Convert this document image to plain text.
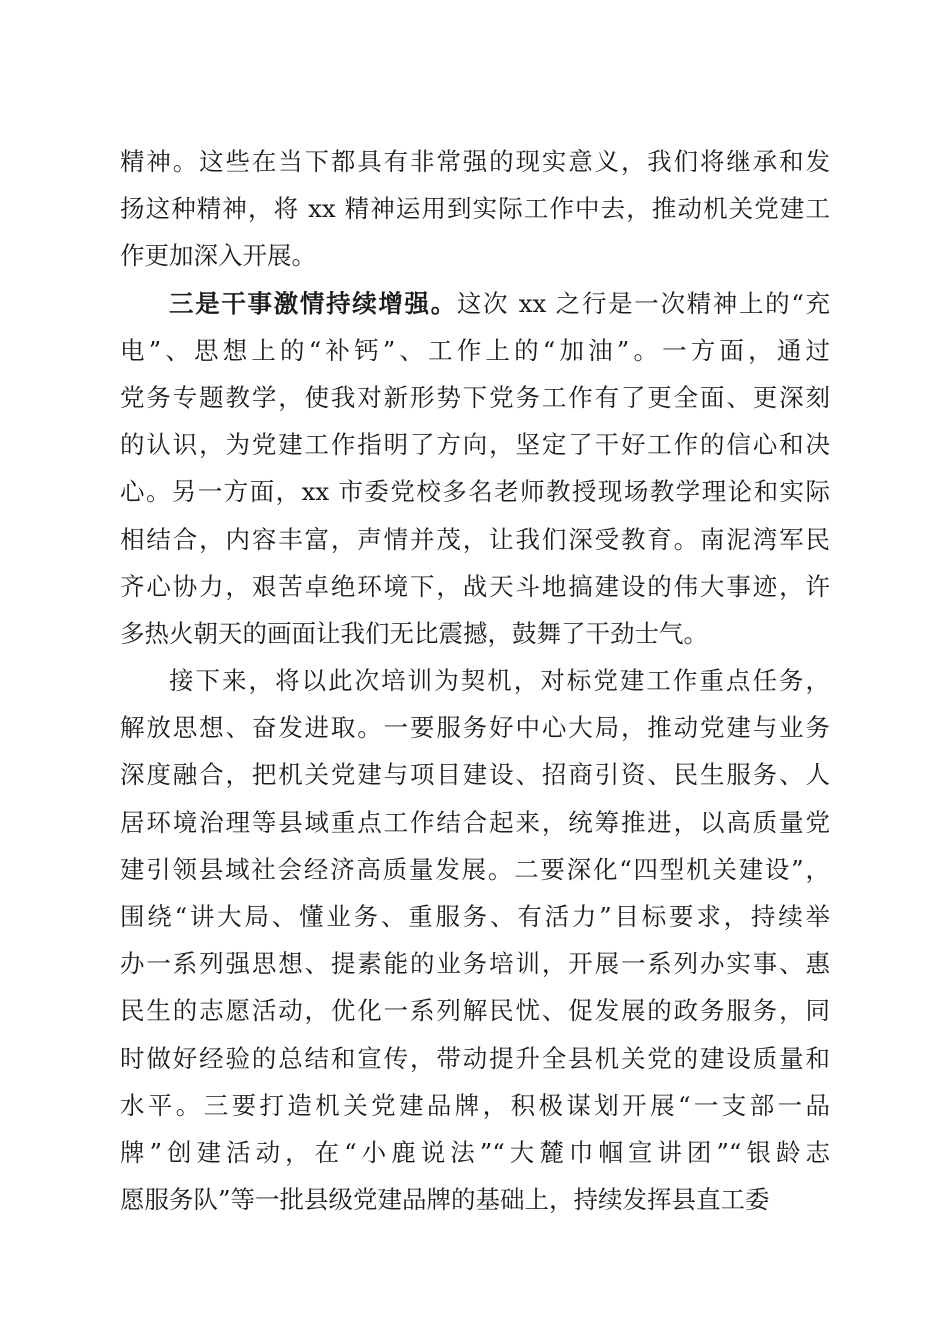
精神。这些在当下都具有非常强的现实意义，我们将继承和发
扬这种精神，将 xx 精神运用到实际工作中去，推动机关党建工
作更加深入开展。
三是干事激情持续增强。这次 xx 之行是一次精神上的“充
电”、思想上的“补钙”、工作上的“加油”。一方面，通过
党务专题教学，使我对新形势下党务工作有了更全面、更深刻
的认识，为党建工作指明了方向，坚定了干好工作的信心和决
心。另一方面，xx 市委党校多名老师教授现场教学理论和实际
相结合，内容丰富，声情并茂，让我们深受教育。南泥湾军民
齐心协力，艰苦卓绝环境下，战天斗地搞建设的伟大事迹，许
多热火朝天的画面让我们无比震撼，鼓舞了干劲士气。
接下来，将以此次培训为契机，对标党建工作重点任务，
解放思想、奋发进取。一要服务好中心大局，推动党建与业务
深度融合，把机关党建与项目建设、招商引资、民生服务、人
居环境治理等县域重点工作结合起来，统筹推进，以高质量党
建引领县域社会经济高质量发展。二要深化“四型机关建设”，
围绕“讲大局、懂业务、重服务、有活力”目标要求，持续举
办一系列强思想、提素能的业务培训，开展一系列办实事、惠
民生的志愿活动，优化一系列解民忧、促发展的政务服务，同
时做好经验的总结和宣传，带动提升全县机关党的建设质量和
水平。三要打造机关党建品牌，积极谋划开展“一支部一品
牌”创建活动，在“小鹿说法”“大麓巾帼宣讲团”“银龄志
愿服务队”等一批县级党建品牌的基础上，持续发挥县直工委
